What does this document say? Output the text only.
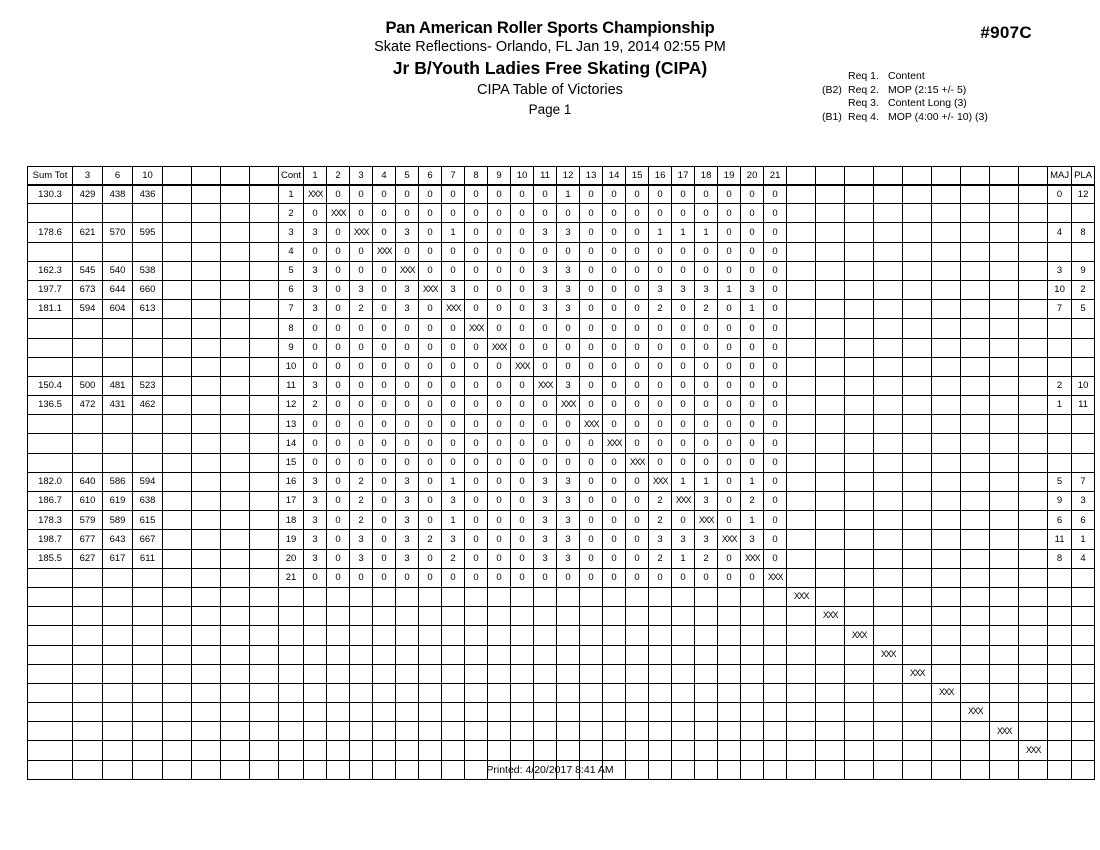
Pan American Roller Sports Championship
Skate Reflections- Orlando, FL Jan 19, 2014 02:55 PM
Jr B/Youth Ladies Free Skating (CIPA)
CIPA Table of Victories
Page 1
#907C
Req 1. Content
(B2) Req 2. MOP (2:15 +/- 5)
Req 3. Content Long (3)
(B1) Req 4. MOP (4:00 +/- 10) (3)
Sum Tot	3	6	10					Cont	1	2	3	4	5	6	7	8	9	10	11	12	13	14	15	16	17	18	19	20	21										MAJ	PLA
130.3	429	438	436					1	XXX	0	0	0	0	0	0	0	0	0	0	1	0	0	0	0	0	0	0	0	0										0	12
								2	0	XXX	0	0	0	0	0	0	0	0	0	0	0	0	0	0	0	0	0	0	0											
178.6	621	570	595					3	3	0	XXX	0	3	0	1	0	0	0	3	3	0	0	0	1	1	1	0	0	0										4	8
								4	0	0	0	XXX	0	0	0	0	0	0	0	0	0	0	0	0	0	0	0	0	0											
162.3	545	540	538					5	3	0	0	0	XXX	0	0	0	0	0	3	3	0	0	0	0	0	0	0	0	0										3	9
197.7	673	644	660					6	3	0	3	0	3	XXX	3	0	0	0	3	3	0	0	0	3	3	3	1	3	0										10	2
181.1	594	604	613					7	3	0	2	0	3	0	XXX	0	0	0	3	3	0	0	0	2	0	2	0	1	0										7	5
								8	0	0	0	0	0	0	0	XXX	0	0	0	0	0	0	0	0	0	0	0	0	0											
								9	0	0	0	0	0	0	0	0	XXX	0	0	0	0	0	0	0	0	0	0	0	0											
								10	0	0	0	0	0	0	0	0	0	XXX	0	0	0	0	0	0	0	0	0	0	0											
150.4	500	481	523					11	3	0	0	0	0	0	0	0	0	0	XXX	3	0	0	0	0	0	0	0	0	0										2	10
136.5	472	431	462					12	2	0	0	0	0	0	0	0	0	0	0	XXX	0	0	0	0	0	0	0	0	0										1	11
								13	0	0	0	0	0	0	0	0	0	0	0	0	XXX	0	0	0	0	0	0	0	0											
								14	0	0	0	0	0	0	0	0	0	0	0	0	0	XXX	0	0	0	0	0	0	0											
								15	0	0	0	0	0	0	0	0	0	0	0	0	0	0	XXX	0	0	0	0	0	0											
182.0	640	586	594					16	3	0	2	0	3	0	1	0	0	0	3	3	0	0	0	XXX	1	1	0	1	0										5	7
186.7	610	619	638					17	3	0	2	0	3	0	3	0	0	0	3	3	0	0	0	2	XXX	3	0	2	0										9	3
178.3	579	589	615					18	3	0	2	0	3	0	1	0	0	0	3	3	0	0	0	2	0	XXX	0	1	0										6	6
198.7	677	643	667					19	3	0	3	0	3	2	3	0	0	0	3	3	0	0	0	3	3	3	XXX	3	0										11	1
185.5	627	617	611					20	3	0	3	0	3	0	2	0	0	0	3	3	0	0	0	2	1	2	0	XXX	0										8	4
								21	0	0	0	0	0	0	0	0	0	0	0	0	0	0	0	0	0	0	0	0	XXX											
																														XXX										
																															XXX									
																																XXX								
																																	XXX							
																																		XXX						
																																			XXX					
																																				XXX				
																																					XXX			
																																						XXX		

Printed: 4/20/2017 8:41 AM
